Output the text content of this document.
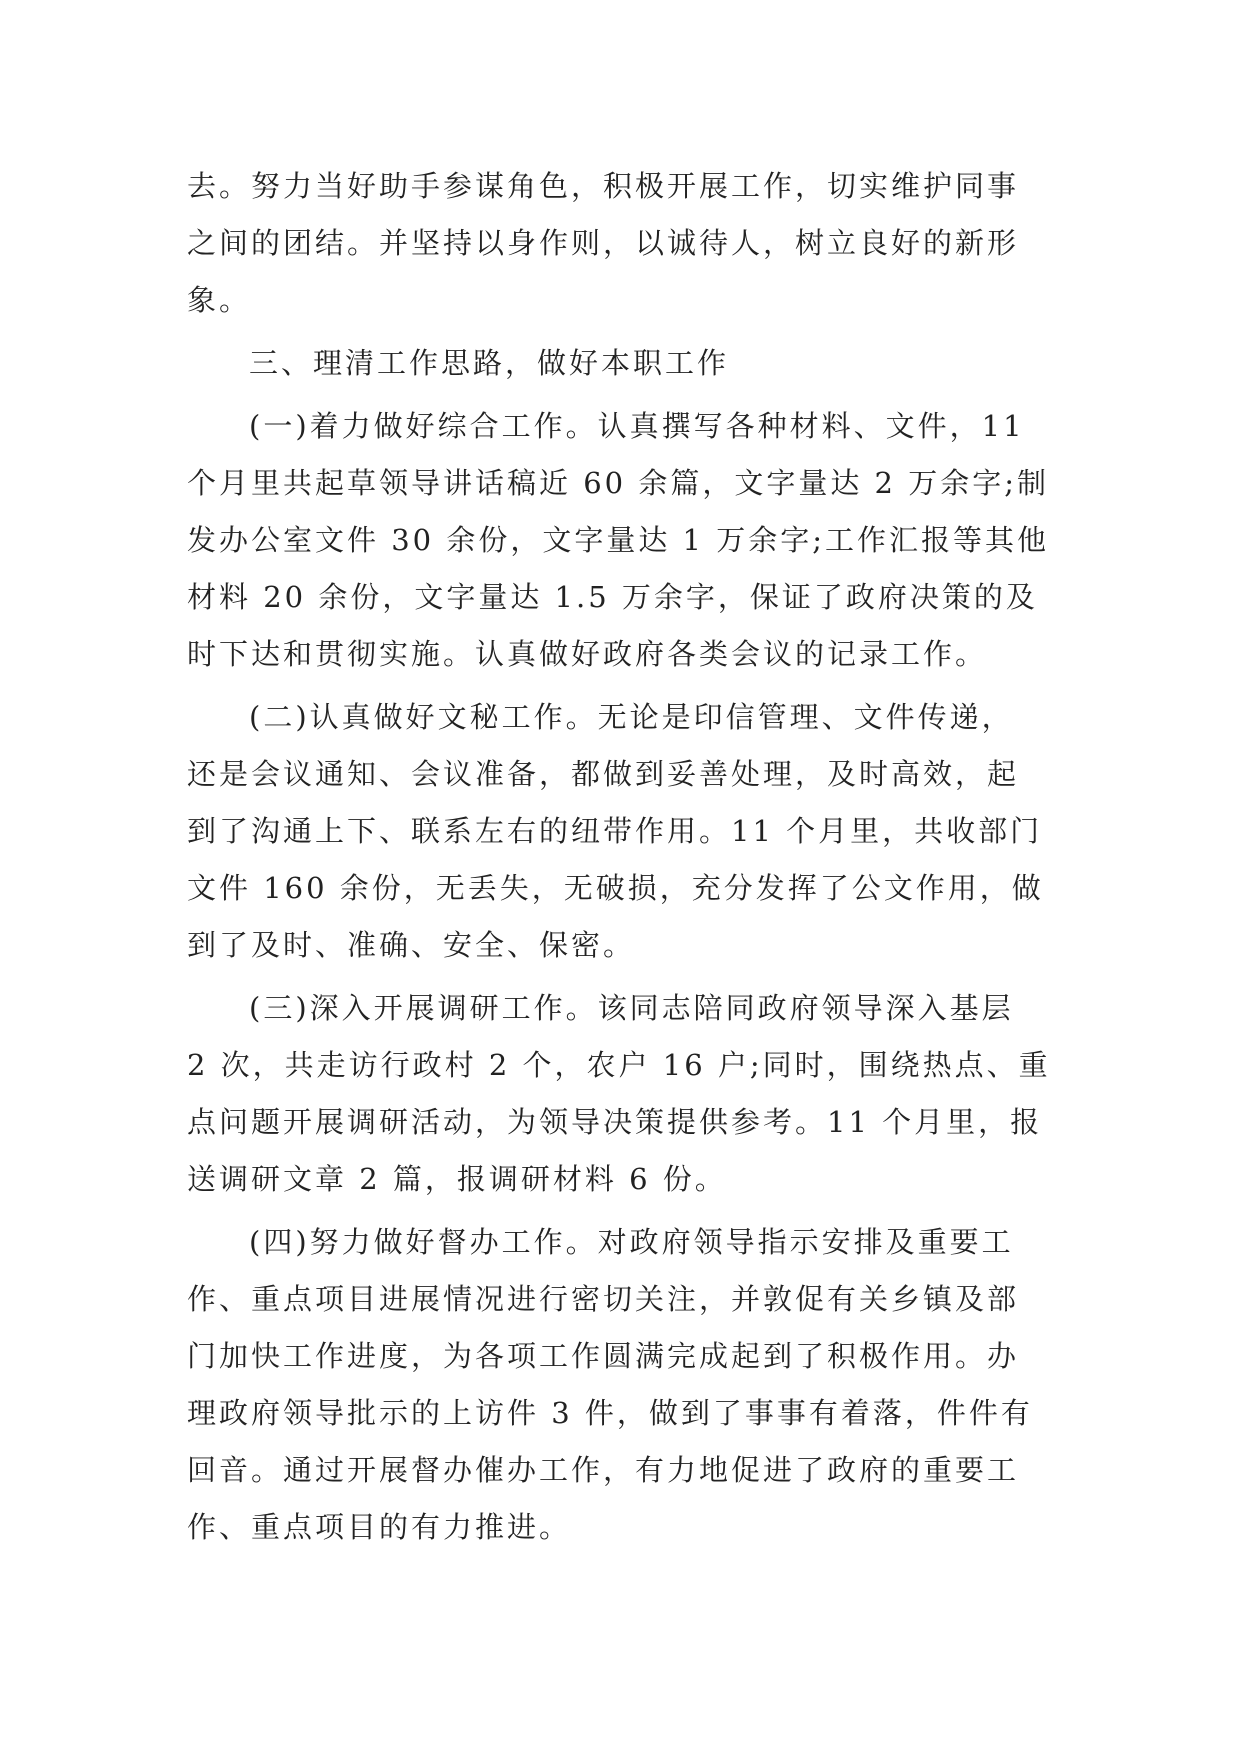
去。努力当好助手参谋角色，积极开展工作，切实维护同事
之间的团结。并坚持以身作则，以诚待人，树立良好的新形
象。
三、理清工作思路，做好本职工作
(一)着力做好综合工作。认真撰写各种材料、文件，11
个月里共起草领导讲话稿近 60 余篇，文字量达 2 万余字;制
发办公室文件 30 余份，文字量达 1 万余字;工作汇报等其他
材料 20 余份，文字量达 1.5 万余字，保证了政府决策的及
时下达和贯彻实施。认真做好政府各类会议的记录工作。
(二)认真做好文秘工作。无论是印信管理、文件传递，
还是会议通知、会议准备，都做到妥善处理，及时高效，起
到了沟通上下、联系左右的纽带作用。11 个月里，共收部门
文件 160 余份，无丢失，无破损，充分发挥了公文作用，做
到了及时、准确、安全、保密。
(三)深入开展调研工作。该同志陪同政府领导深入基层
2 次，共走访行政村 2 个，农户 16 户;同时，围绕热点、重
点问题开展调研活动，为领导决策提供参考。11 个月里，报
送调研文章 2 篇，报调研材料 6 份。
(四)努力做好督办工作。对政府领导指示安排及重要工
作、重点项目进展情况进行密切关注，并敦促有关乡镇及部
门加快工作进度，为各项工作圆满完成起到了积极作用。办
理政府领导批示的上访件 3 件，做到了事事有着落，件件有
回音。通过开展督办催办工作，有力地促进了政府的重要工
作、重点项目的有力推进。
